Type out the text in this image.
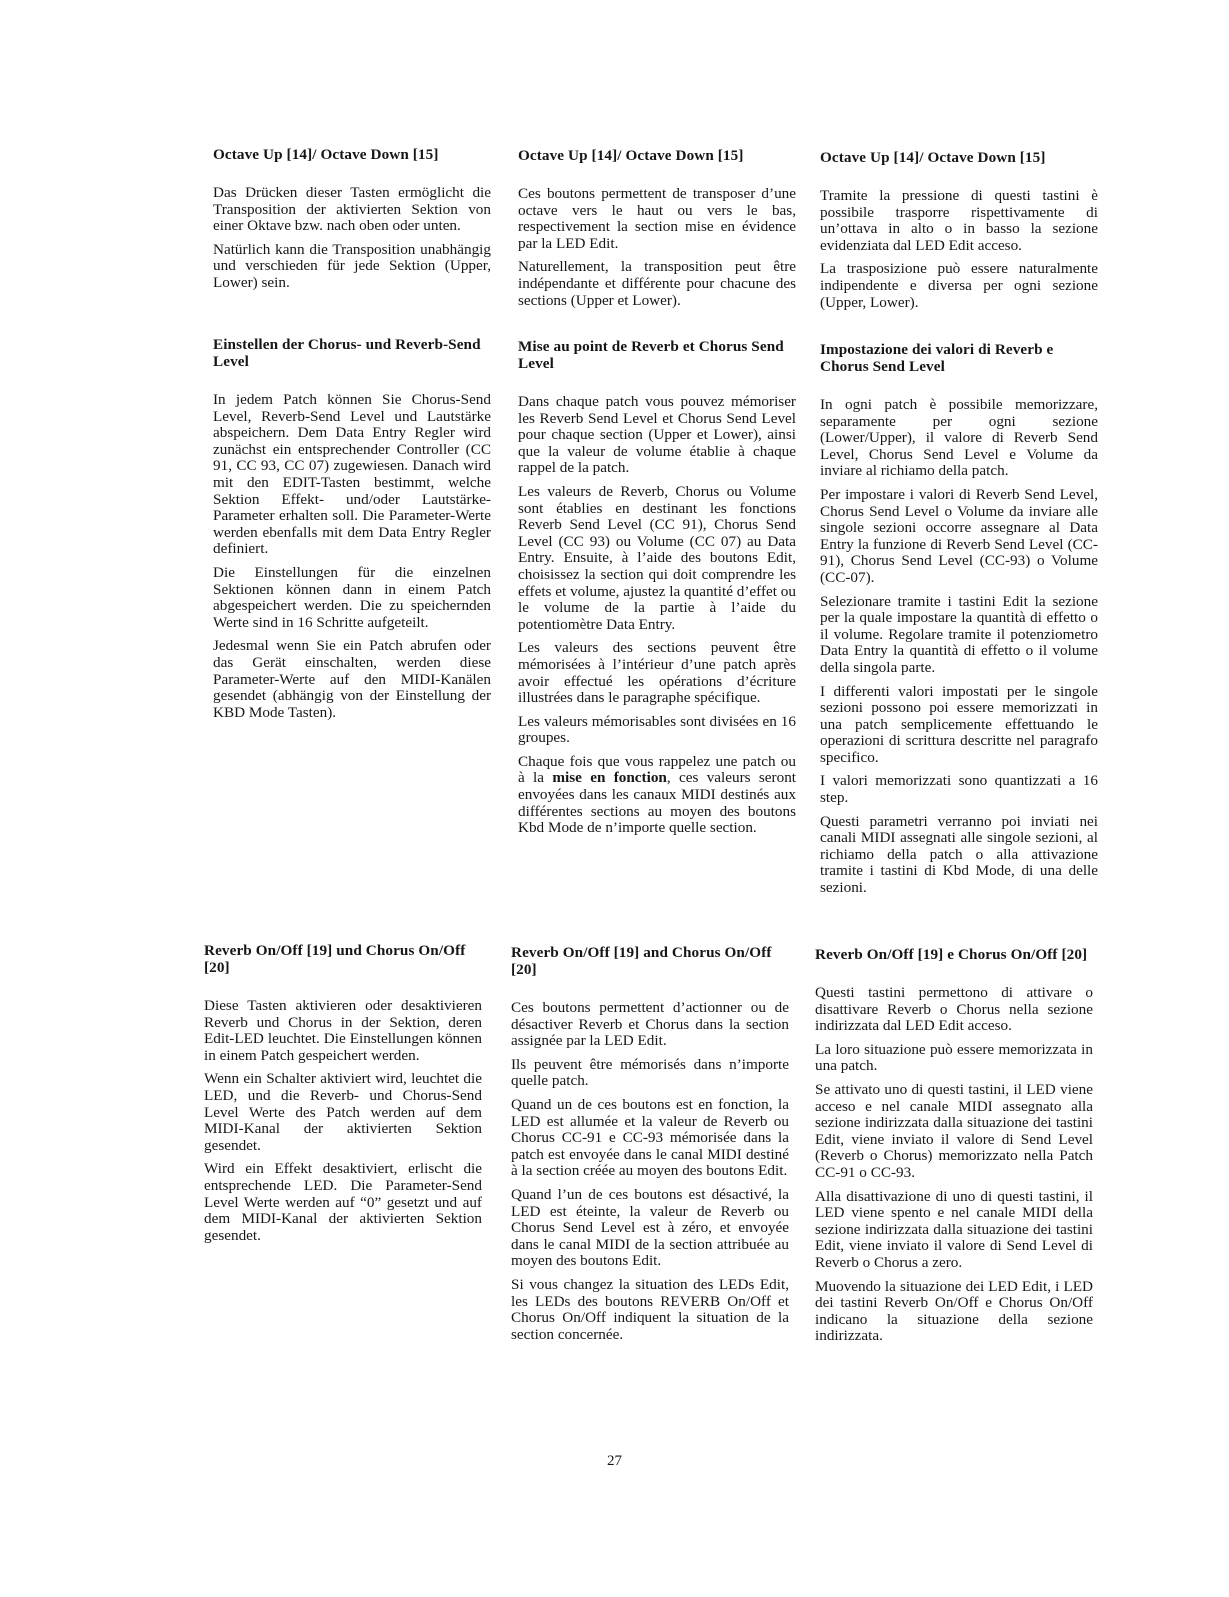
Octave Up [14]/ Octave Down [15]

Das Drücken dieser Tasten ermöglicht die Transposition der aktivierten Sektion von einer Oktave bzw. nach oben oder unten.

Natürlich kann die Transposition unabhängig und verschieden für jede Sektion (Upper, Lower) sein.

Einstellen der Chorus- und Reverb-Send Level

In jedem Patch können Sie Chorus-Send Level, Reverb-Send Level und Lautstärke abspeichern. Dem Data Entry Regler wird zunächst ein entsprechender Controller (CC 91, CC 93, CC 07) zugewiesen. Danach wird mit den EDIT-Tasten bestimmt, welche Sektion Effekt- und/oder Lautstärke-Parameter erhalten soll. Die Parameter-Werte werden ebenfalls mit dem Data Entry Regler definiert.

Die Einstellungen für die einzelnen Sektionen können dann in einem Patch abgespeichert werden. Die zu speichernden Werte sind in 16 Schritte aufgeteilt.

Jedesmal wenn Sie ein Patch abrufen oder das Gerät einschalten, werden diese Parameter-Werte auf den MIDI-Kanälen gesendet (abhängig von der Einstellung der KBD Mode Tasten).

Reverb On/Off [19] und Chorus On/Off [20]

Diese Tasten aktivieren oder desaktivieren Reverb und Chorus in der Sektion, deren Edit-LED leuchtet. Die Einstellungen können in einem Patch gespeichert werden.

Wenn ein Schalter aktiviert wird, leuchtet die LED, und die Reverb- und Chorus-Send Level Werte des Patch werden auf dem MIDI-Kanal der aktivierten Sektion gesendet.

Wird ein Effekt desaktiviert, erlischt die entsprechende LED. Die Parameter-Send Level Werte werden auf “0” gesetzt und auf dem MIDI-Kanal der aktivierten Sektion gesendet.

Octave Up [14]/ Octave Down [15]

Ces boutons permettent de transposer d’une octave vers le haut ou vers le bas, respectivement la section mise en évidence par la LED Edit.

Naturellement, la transposition peut être indépendante et différente pour chacune des sections (Upper et Lower).

Mise au point de Reverb et Chorus Send Level

Dans chaque patch vous pouvez mémoriser les Reverb Send Level et Chorus Send Level pour chaque section (Upper et Lower), ainsi que la valeur de volume établie à chaque rappel de la patch.

Les valeurs de Reverb, Chorus ou Volume sont établies en destinant les fonctions Reverb Send Level (CC 91), Chorus Send Level (CC 93) ou Volume (CC 07) au Data Entry. Ensuite, à l’aide des boutons Edit, choisissez la section qui doit comprendre les effets et volume, ajustez la quantité d’effet ou le volume de la partie à l’aide du potentiomètre Data Entry.

Les valeurs des sections peuvent être mémorisées à l’intérieur d’une patch après avoir effectué les opérations d’écriture illustrées dans le paragraphe spécifique.

Les valeurs mémorisables sont divisées en 16 groupes.

Chaque fois que vous rappelez une patch ou à la mise en fonction, ces valeurs seront envoyées dans les canaux MIDI destinés aux différentes sections au moyen des boutons Kbd Mode de n’importe quelle section.

Reverb On/Off [19] and Chorus On/Off [20]

Ces boutons permettent d’actionner ou de désactiver Reverb et Chorus dans la section assignée par la LED Edit.

Ils peuvent être mémorisés dans n’importe quelle patch.

Quand un de ces boutons est en fonction, la LED est allumée et la valeur de Reverb ou Chorus CC-91 e CC-93 mémorisée dans la patch est envoyée dans le canal MIDI destiné à la section créée au moyen des boutons Edit.

Quand l’un de ces boutons est désactivé, la LED est éteinte, la valeur de Reverb ou Chorus Send Level est à zéro, et envoyée dans le canal MIDI de la section attribuée au moyen des boutons Edit.

Si vous changez la situation des LEDs Edit, les LEDs des boutons REVERB On/Off et Chorus On/Off indiquent la situation de la section concernée.

Octave Up [14]/ Octave Down [15]

Tramite la pressione di questi tastini è possibile trasporre rispettivamente di un’ottava in alto o in basso la sezione evidenziata dal LED Edit acceso.

La trasposizione può essere naturalmente indipendente e diversa per ogni sezione (Upper, Lower).

Impostazione dei valori di Reverb e Chorus Send Level

In ogni patch è possibile memorizzare, separamente per ogni sezione (Lower/Upper), il valore di Reverb Send Level, Chorus Send Level e Volume da inviare al richiamo della patch.

Per impostare i valori di Reverb Send Level, Chorus Send Level o Volume da inviare alle singole sezioni occorre assegnare al Data Entry la funzione di Reverb Send Level (CC-91), Chorus Send Level (CC-93) o Volume (CC-07).

Selezionare tramite i tastini Edit la sezione per la quale impostare la quantità di effetto o il volume. Regolare tramite il potenziometro Data Entry la quantità di effetto o il volume della singola parte.

I differenti valori impostati per le singole sezioni possono poi essere memorizzati in una patch semplicemente effettuando le operazioni di scrittura descritte nel paragrafo specifico.

I valori memorizzati sono quantizzati a 16 step.

Questi parametri verranno poi inviati nei canali MIDI assegnati alle singole sezioni, al richiamo della patch o alla attivazione tramite i tastini di Kbd Mode, di una delle sezioni.

Reverb On/Off [19] e Chorus On/Off [20]

Questi tastini permettono di attivare o disattivare Reverb o Chorus nella sezione indirizzata dal LED Edit acceso.

La loro situazione può essere memorizzata in una patch.

Se attivato uno di questi tastini, il LED viene acceso e nel canale MIDI assegnato alla sezione indirizzata dalla situazione dei tastini Edit, viene inviato il valore di Send Level (Reverb o Chorus) memorizzato nella Patch CC-91 o CC-93.

Alla disattivazione di uno di questi tastini, il LED viene spento e nel canale MIDI della sezione indirizzata dalla situazione dei tastini Edit, viene inviato il valore di Send Level di Reverb o Chorus a zero.

Muovendo la situazione dei LED Edit, i LED dei tastini Reverb On/Off e Chorus On/Off indicano la situazione della sezione indirizzata.

27
